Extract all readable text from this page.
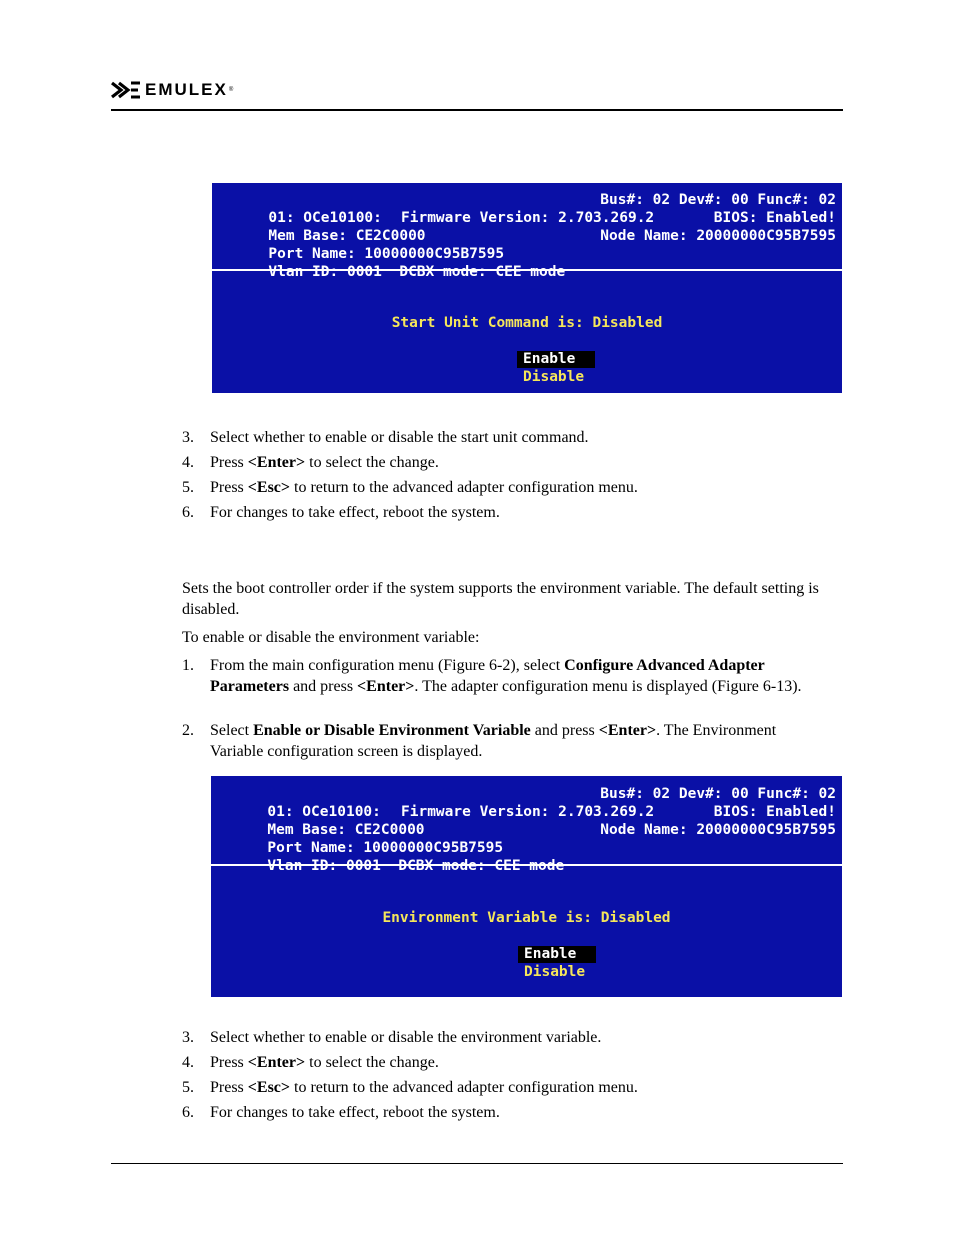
EMULEX ®

01: OCe10100:

Bus#: 02 Dev#: 00 Func#: 02

Mem Base: CE2C0000

Firmware Version: 2.703.269.2

	BIOS: Enabled!

Port Name: 10000000C95B7595

Node Name: 20000000C95B7595

Vlan ID: 0001  DCBX mode: CEE mode

Start Unit Command is: Disabled
Enable
Disable
3. Select whether to enable or disable the start unit command.
4. Press <Enter> to select the change.
5. Press <Esc> to return to the advanced adapter configuration menu.
6. For changes to take effect, reboot the system.
Sets the boot controller order if the system supports the environment variable. The default setting is disabled.
To enable or disable the environment variable:
1. From the main configuration menu (Figure 6-2), select Configure Advanced Adapter Parameters and press <Enter>. The adapter configuration menu is displayed (Figure 6-13).
2. Select Enable or Disable Environment Variable and press <Enter>. The Environment Variable configuration screen is displayed.

01: OCe10100:

Bus#: 02 Dev#: 00 Func#: 02

Mem Base: CE2C0000

Firmware Version: 2.703.269.2

	BIOS: Enabled!

Port Name: 10000000C95B7595

Node Name: 20000000C95B7595

Vlan ID: 0001  DCBX mode: CEE mode

Environment Variable is: Disabled
Enable
Disable
3. Select whether to enable or disable the environment variable.
4. Press <Enter> to select the change.
5. Press <Esc> to return to the advanced adapter configuration menu.
6. For changes to take effect, reboot the system.
